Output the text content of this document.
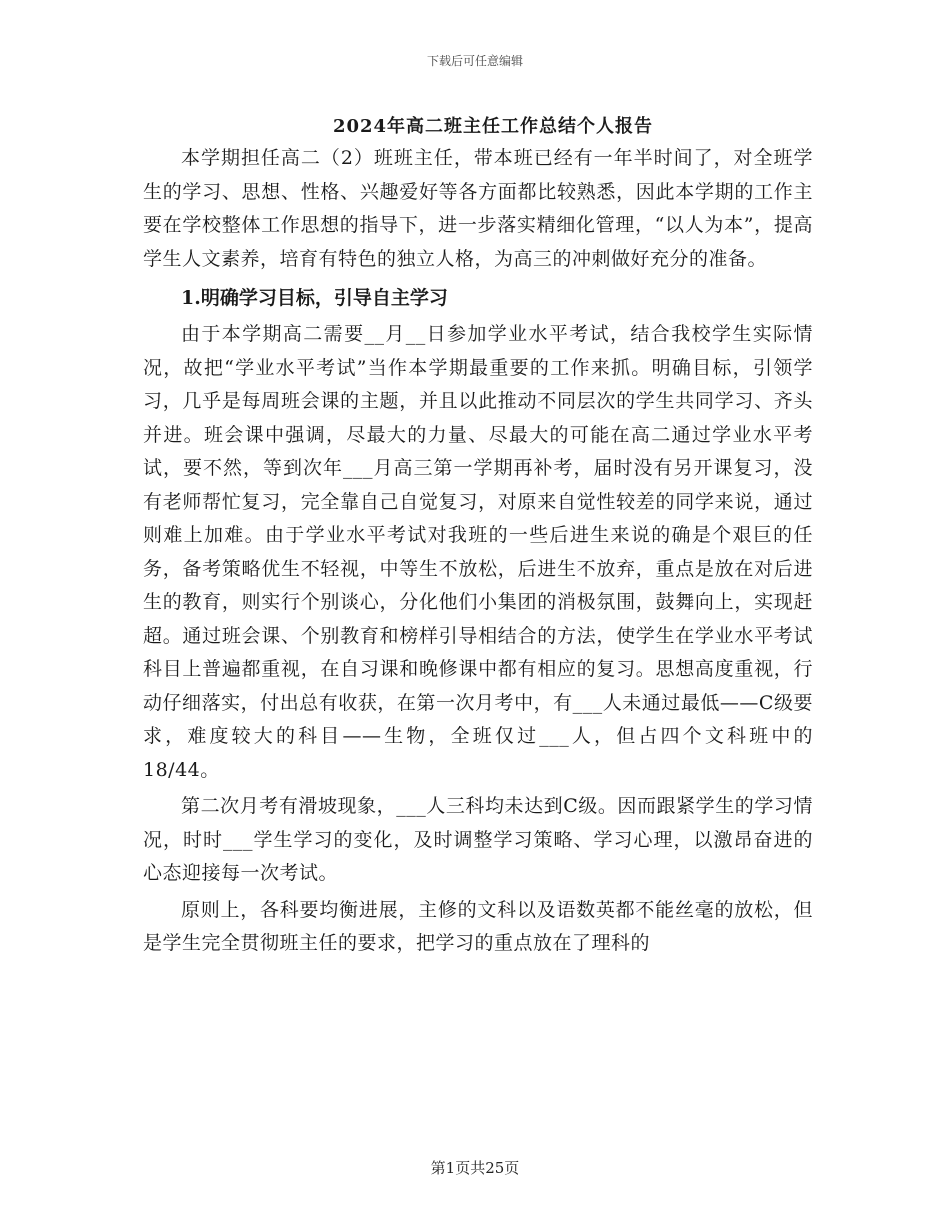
下载后可任意编辑
2024年高二班主任工作总结个人报告

本学期担任高二（2）班班主任，带本班已经有一年半时间了，对全班学生的学习、思想、性格、兴趣爱好等各方面都比较熟悉，因此本学期的工作主要在学校整体工作思想的指导下，进一步落实精细化管理，“以人为本”，提高学生人文素养，培育有特色的独立人格，为高三的冲刺做好充分的准备。

1.明确学习目标，引导自主学习

由于本学期高二需要__月__日参加学业水平考试，结合我校学生实际情况，故把“学业水平考试”当作本学期最重要的工作来抓。明确目标，引领学习，几乎是每周班会课的主题，并且以此推动不同层次的学生共同学习、齐头并进。班会课中强调，尽最大的力量、尽最大的可能在高二通过学业水平考试，要不然，等到次年___月高三第一学期再补考，届时没有另开课复习，没有老师帮忙复习，完全靠自己自觉复习，对原来自觉性较差的同学来说，通过则难上加难。由于学业水平考试对我班的一些后进生来说的确是个艰巨的任务，备考策略优生不轻视，中等生不放松，后进生不放弃，重点是放在对后进生的教育，则实行个别谈心，分化他们小集团的消极氛围，鼓舞向上，实现赶超。通过班会课、个别教育和榜样引导相结合的方法，使学生在学业水平考试科目上普遍都重视，在自习课和晚修课中都有相应的复习。思想高度重视，行动仔细落实，付出总有收获，在第一次月考中，有___人未通过最低——C级要求，难度较大的科目——生物，全班仅过___人，但占四个文科班中的18/44。

第二次月考有滑坡现象，___人三科均未达到C级。因而跟紧学生的学习情况，时时___学生学习的变化，及时调整学习策略、学习心理，以激昂奋进的心态迎接每一次考试。

原则上，各科要均衡进展，主修的文科以及语数英都不能丝毫的放松，但是学生完全贯彻班主任的要求，把学习的重点放在了理科的

第1页共25页
